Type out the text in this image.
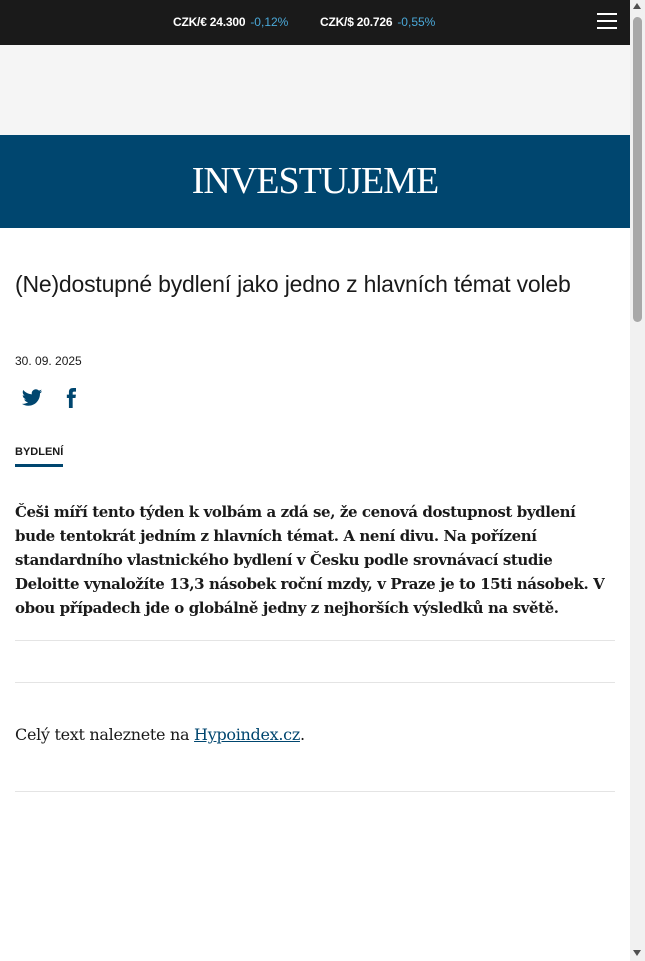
CZK/€ 24.300 -0,12%	CZK/$ 20.726 -0,55%
INVESTUJEME
(Ne)dostupné bydlení jako jedno z hlavních témat voleb
30. 09. 2025
BYDLENÍ

Češi míří tento týden k volbám a zdá se, že cenová dostupnost bydlení bude tentokrát jedním z hlavních témat. A není divu. Na pořízení standardního vlastnického bydlení v Česku podle srovnávací studie Deloitte vynaložíte 13,3 násobek roční mzdy, v Praze je to 15ti násobek. V obou případech jde o globálně jedny z nejhorších výsledků na světě.

Celý text naleznete na Hypoindex.cz.
